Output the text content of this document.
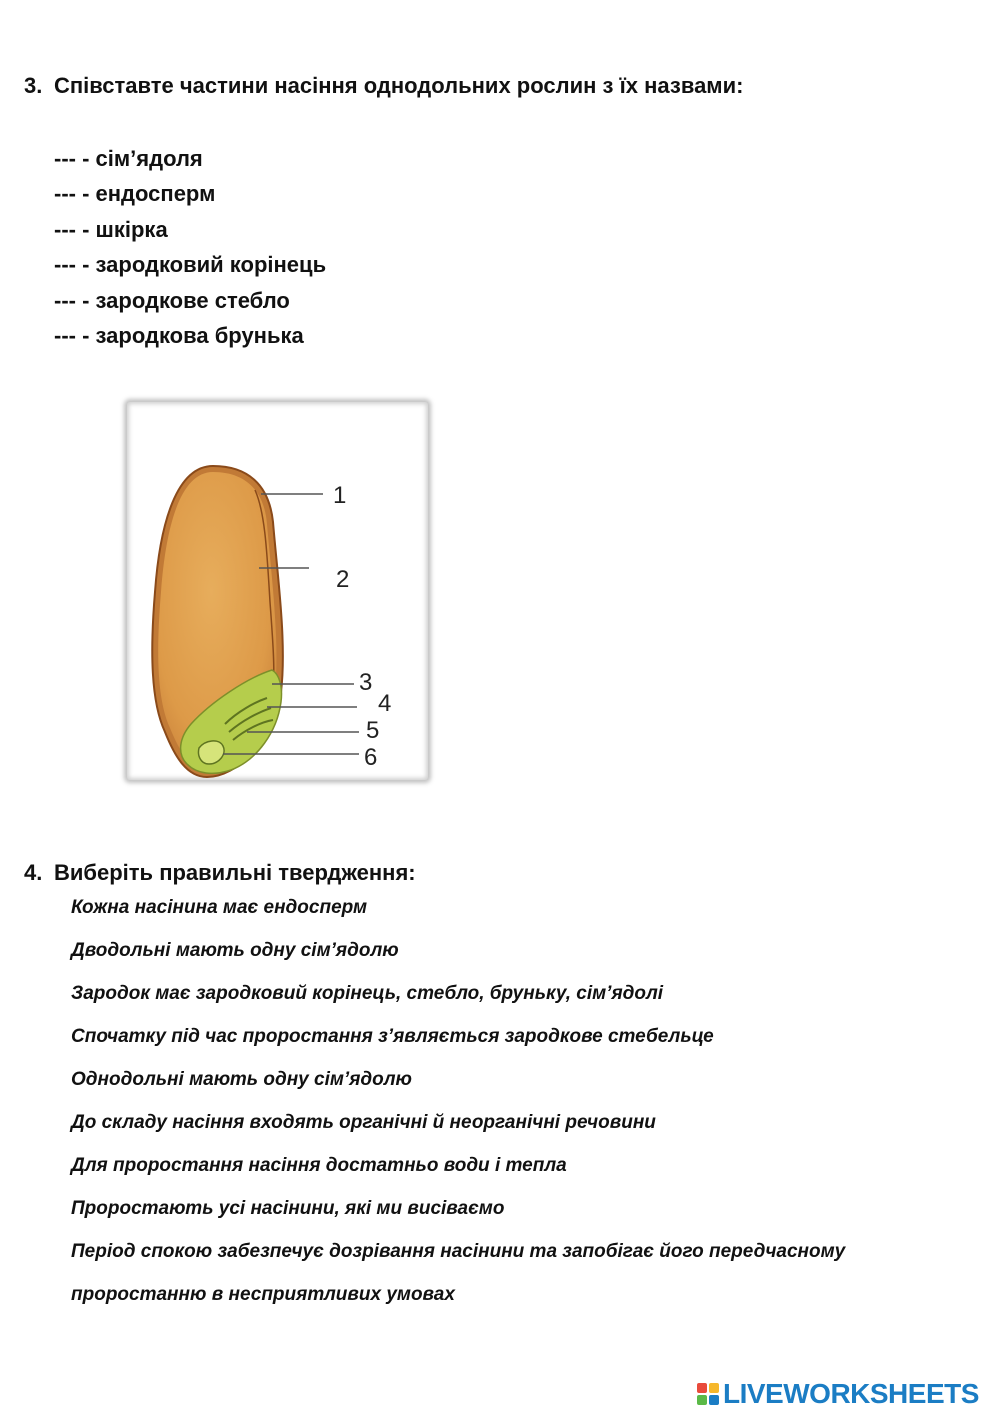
3. Співставте частини насіння однодольних рослин з їх назвами:
--- - сім’ядоля
--- - ендосперм
--- - шкірка
--- - зародковий корінець
--- - зародкове стебло
--- - зародкова брунька
1
2
3
4
5
6
4. Виберіть правильні твердження:
Кожна насінина має ендосперм
Дводольні мають одну сім’ядолю
Зародок має зародковий корінець, стебло, бруньку, сім’ядолі
Спочатку під час проростання з’являється зародкове стебельце
Однодольні мають одну сім’ядолю
До складу насіння входять органічні й неорганічні речовини
Для проростання насіння достатньо води і тепла
Проростають усі насінини, які ми висіваємо
Період спокою забезпечує дозрівання насінини та запобігає його передчасному
проростанню в несприятливих умовах
LIVEWORKSHEETS
